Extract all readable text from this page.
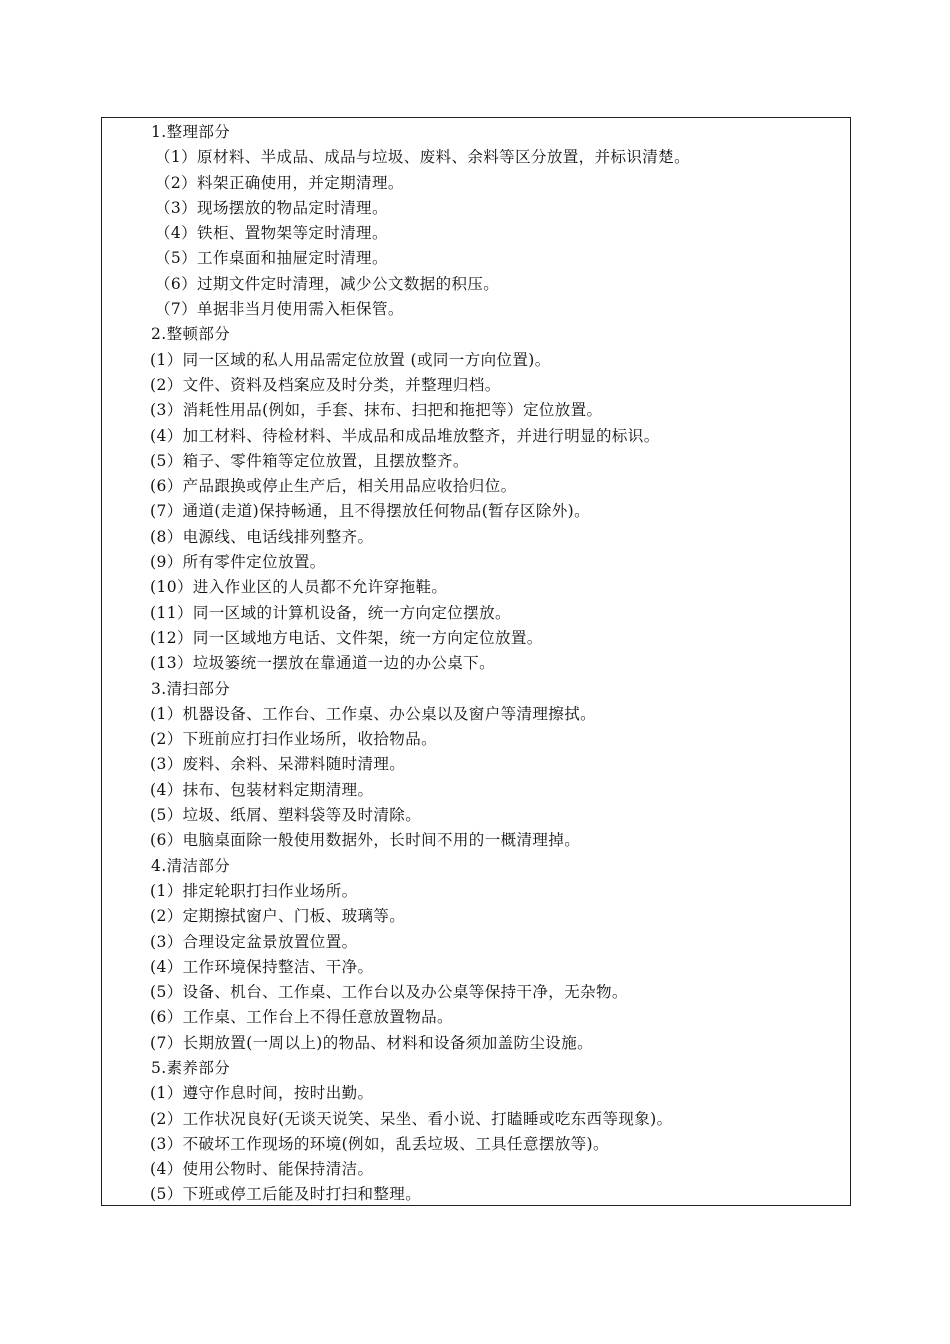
1.整理部分
（1）原材料、半成品、成品与垃圾、废料、余料等区分放置，并标识清楚。
（2）料架正确使用，并定期清理。
（3）现场摆放的物品定时清理。
（4）铁柜、置物架等定时清理。
（5）工作桌面和抽屉定时清理。
（6）过期文件定时清理，减少公文数据的积压。
（7）单据非当月使用需入柜保管。
2.整顿部分
(1）同一区域的私人用品需定位放置 (或同一方向位置)。
(2）文件、资料及档案应及时分类，并整理归档。
(3）消耗性用品(例如，手套、抹布、扫把和拖把等）定位放置。
(4）加工材料、待检材料、半成品和成品堆放整齐，并进行明显的标识。
(5）箱子、零件箱等定位放置，且摆放整齐。
(6）产品跟换或停止生产后，相关用品应收拾归位。
(7）通道(走道)保持畅通，且不得摆放任何物品(暂存区除外)。
(8）电源线、电话线排列整齐。
(9）所有零件定位放置。
(10）进入作业区的人员都不允许穿拖鞋。
(11）同一区域的计算机设备，统一方向定位摆放。
(12）同一区域地方电话、文件架，统一方向定位放置。
(13）垃圾篓统一摆放在靠通道一边的办公桌下。
3.清扫部分
(1）机器设备、工作台、工作桌、办公桌以及窗户等清理擦拭。
(2）下班前应打扫作业场所，收拾物品。
(3）废料、余料、呆滞料随时清理。
(4）抹布、包装材料定期清理。
(5）垃圾、纸屑、塑料袋等及时清除。
(6）电脑桌面除一般使用数据外，长时间不用的一概清理掉。
4.清洁部分
(1）排定轮职打扫作业场所。
(2）定期擦拭窗户、门板、玻璃等。
(3）合理设定盆景放置位置。
(4）工作环境保持整洁、干净。
(5）设备、机台、工作桌、工作台以及办公桌等保持干净，无杂物。
(6）工作桌、工作台上不得任意放置物品。
(7）长期放置(一周以上)的物品、材料和设备须加盖防尘设施。
5.素养部分
(1）遵守作息时间，按时出勤。
(2）工作状况良好(无谈天说笑、呆坐、看小说、打瞌睡或吃东西等现象)。
(3）不破坏工作现场的环境(例如，乱丢垃圾、工具任意摆放等)。
(4）使用公物时、能保持清洁。
(5）下班或停工后能及时打扫和整理。
